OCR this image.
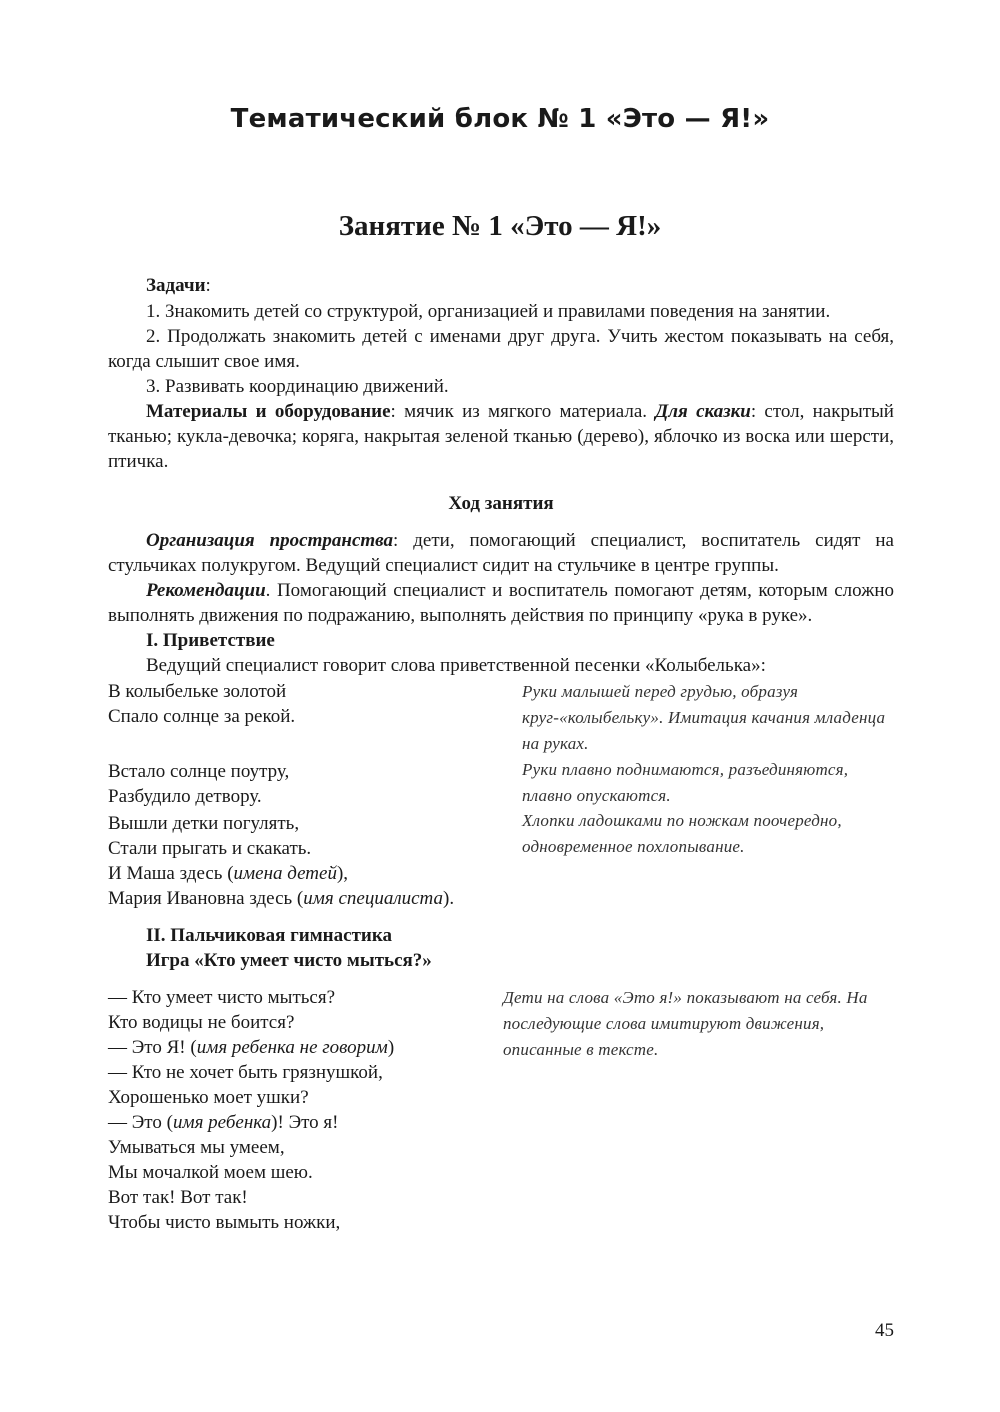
Тематический блок № 1 «Это — Я!»
Занятие № 1 «Это — Я!»

Задачи:

1. Знакомить детей со структурой, организацией и правилами поведения на занятии.

2. Продолжать знакомить детей с именами друг друга. Учить жестом показывать на себя, когда слышит свое имя.

3. Развивать координацию движений.

Материалы и оборудование: мячик из мягкого материала. Для сказки: стол, накрытый тканью; кукла-девочка; коряга, накрытая зеленой тканью (дерево), яблочко из воска или шерсти, птичка.

Ход занятия

Организация пространства: дети, помогающий специалист, воспитатель сидят на стульчиках полукругом. Ведущий специалист сидит на стульчике в центре группы.

Рекомендации. Помогающий специалист и воспитатель помогают детям, которым сложно выполнять движения по подражанию, выполнять действия по принципу «рука в руке».

I. Приветствие

Ведущий специалист говорит слова приветственной песенки «Колыбелька»:

В колыбельке золотой
Спало солнце за рекой.
Встало солнце поутру,
Разбудило детвору.
Вышли детки погулять,
Стали прыгать и скакать.
И Маша здесь (имена детей),
Мария Ивановна здесь (имя специалиста).
Руки малышей перед грудью, образуя круг-«колыбельку». Имитация качания младенца на руках.
Руки плавно поднимаются, разъединяются, плавно опускаются.
Хлопки ладошками по ножкам поочередно, одновременное похлопывание.

II. Пальчиковая гимнастика

Игра «Кто умеет чисто мыться?»

— Кто умеет чисто мыться?
Кто водицы не боится?
— Это Я! (имя ребенка не говорим)
— Кто не хочет быть грязнушкой,
Хорошенько моет ушки?
— Это (имя ребенка)! Это я!
Умываться мы умеем,
Мы мочалкой моем шею.
Вот так! Вот так!
Чтобы чисто вымыть ножки,
Дети на слова «Это я!» показывают на себя. На последующие слова имитируют движения, описанные в тексте.
45
